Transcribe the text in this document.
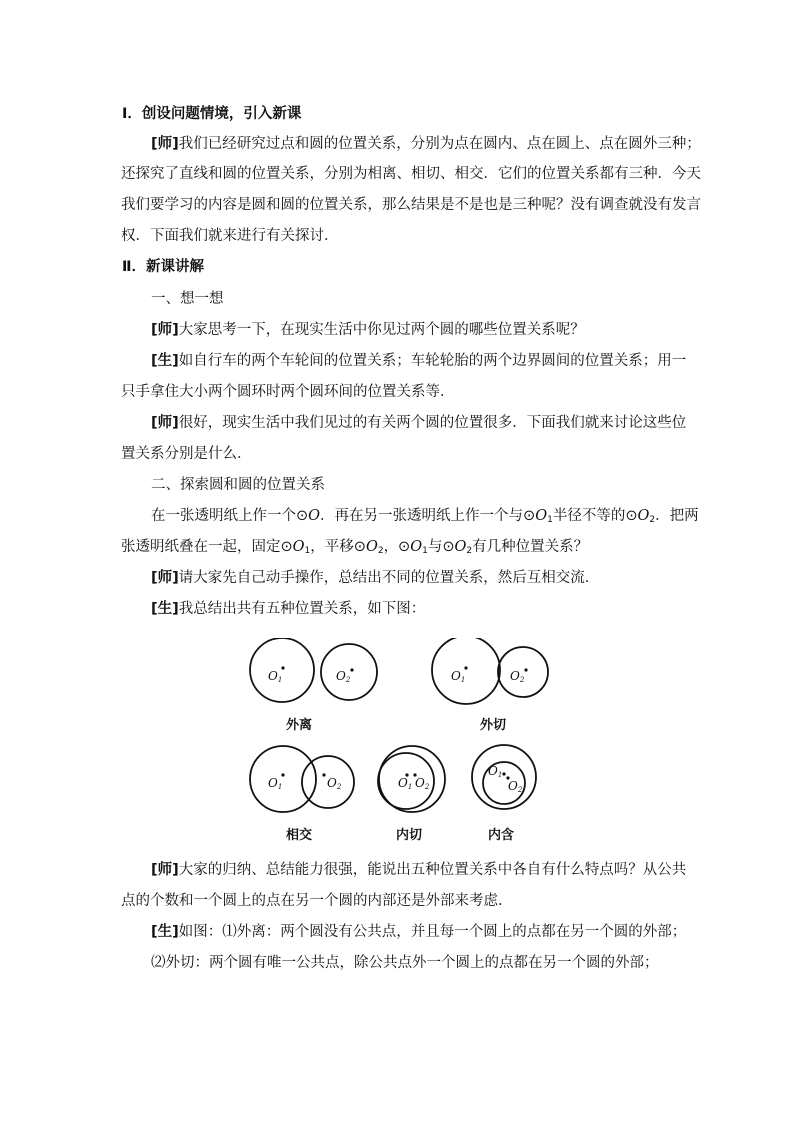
Ⅰ．创设问题情境，引入新课
[师]我们已经研究过点和圆的位置关系，分别为点在圆内、点在圆上、点在圆外三种；
还探究了直线和圆的位置关系，分别为相离、相切、相交．它们的位置关系都有三种．今天
我们要学习的内容是圆和圆的位置关系，那么结果是不是也是三种呢？没有调查就没有发言
权．下面我们就来进行有关探讨．
Ⅱ．新课讲解
一、想一想
[师]大家思考一下，在现实生活中你见过两个圆的哪些位置关系呢？
[生]如自行车的两个车轮间的位置关系；车轮轮胎的两个边界圆间的位置关系；用一
只手拿住大小两个圆环时两个圆环间的位置关系等．
[师]很好，现实生活中我们见过的有关两个圆的位置很多．下面我们就来讨论这些位
置关系分别是什么．
二、探索圆和圆的位置关系
在一张透明纸上作一个⊙O．再在另一张透明纸上作一个与$⊙O_1$半径不等的$⊙O_2$．把两
张透明纸叠在一起，固定$⊙O_1$，平移$⊙O_2$，$⊙O_1$与$⊙O_2$有几种位置关系？
[师]请大家先自己动手操作，总结出不同的位置关系，然后互相交流．
[生]我总结出共有五种位置关系，如下图：
O1	O2	O1	O2
O1	O2	O1 O2
O1
O2
外离	外切
相交	内切	内含
[师]大家的归纳、总结能力很强，能说出五种位置关系中各自有什么特点吗？从公共
点的个数和一个圆上的点在另一个圆的内部还是外部来考虑．
[生]如图：⑴外离：两个圆没有公共点，并且每一个圆上的点都在另一个圆的外部；
⑵外切：两个圆有唯一公共点，除公共点外一个圆上的点都在另一个圆的外部；
